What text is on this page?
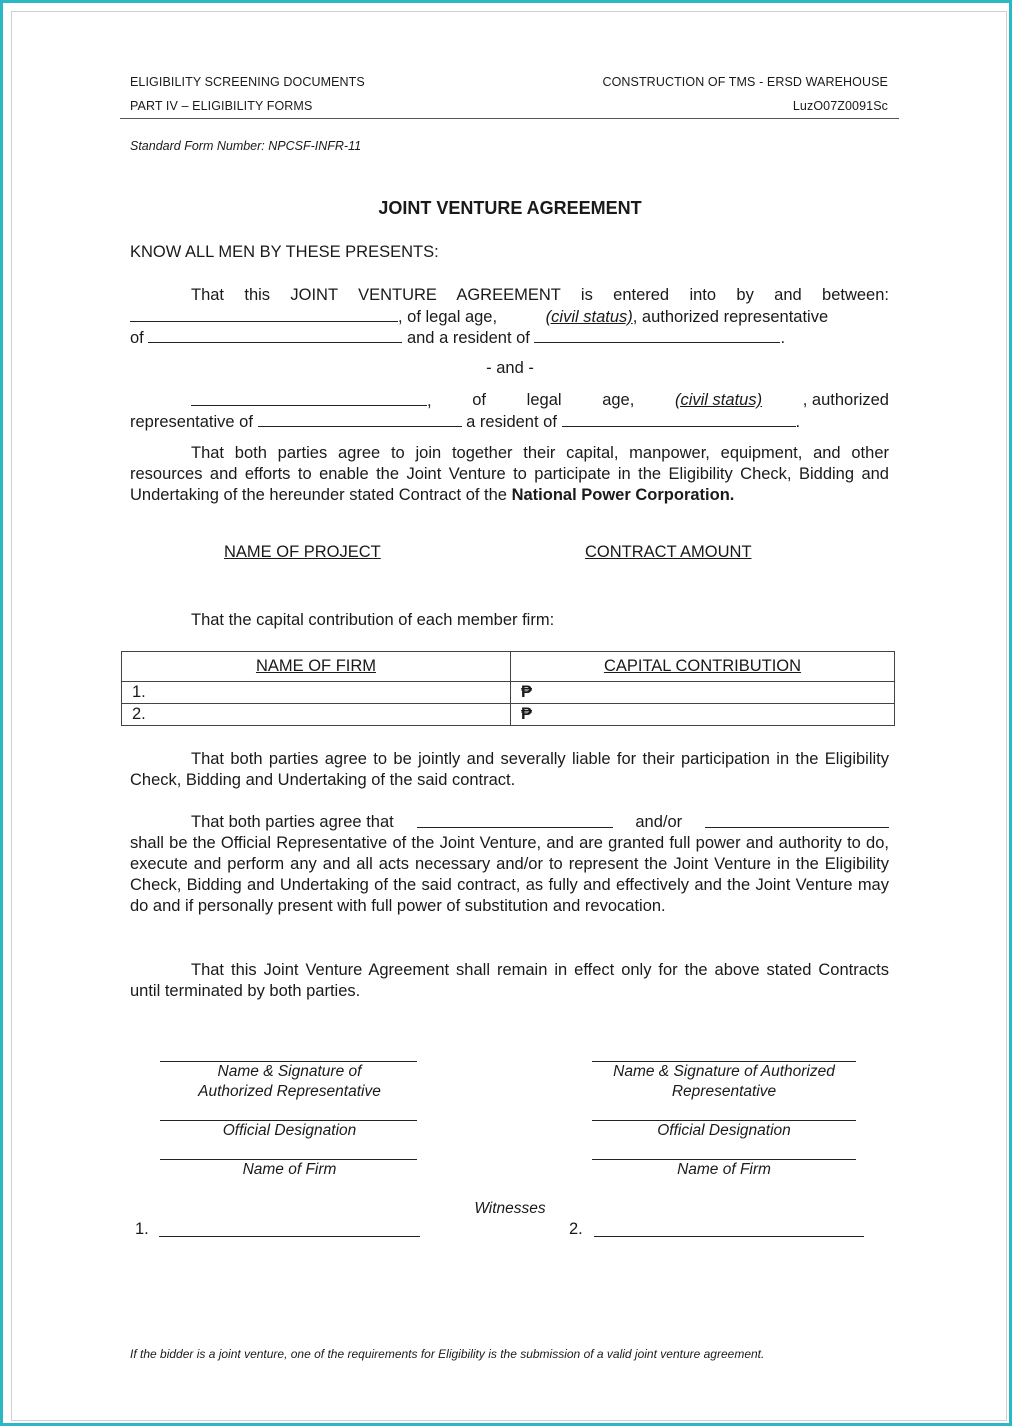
ELIGIBILITY SCREENING DOCUMENTS
PART IV – ELIGIBILITY FORMS
CONSTRUCTION OF TMS - ERSD WAREHOUSE
LuzO07Z0091Sc
Standard Form Number: NPCSF-INFR-11
JOINT VENTURE AGREEMENT
KNOW ALL MEN BY THESE PRESENTS:
That this JOINT VENTURE AGREEMENT is entered into by and between:
, of legal age,	(civil status), authorized representative
of	and a resident of	.
- and -
, of legal age, (civil status) , authorized
representative of	a resident of	.
That both parties agree to join together their capital, manpower, equipment, and other resources and efforts to enable the Joint Venture to participate in the Eligibility Check, Bidding and Undertaking of the hereunder stated Contract of the National Power Corporation.
NAME OF PROJECT	CONTRACT AMOUNT
That the capital contribution of each member firm:
NAME OF FIRM	CAPITAL CONTRIBUTION
1.	₱
2.	₱
That both parties agree to be jointly and severally liable for their participation in the Eligibility Check, Bidding and Undertaking of the said contract.
That both parties agree that	and/or
shall be the Official Representative of the Joint Venture, and are granted full power and authority to do, execute and perform any and all acts necessary and/or to represent the Joint Venture in the Eligibility Check, Bidding and Undertaking of the said contract, as fully and effectively and the Joint Venture may do and if personally present with full power of substitution and revocation.
That this Joint Venture Agreement shall remain in effect only for the above stated Contracts until terminated by both parties.
Name & Signature of
Authorized Representative
Name & Signature of Authorized
Representative
Official Designation	Official Designation
Name of Firm	Name of Firm
Witnesses
1.	2.
If the bidder is a joint venture, one of the requirements for Eligibility is the submission of a valid joint venture agreement.
